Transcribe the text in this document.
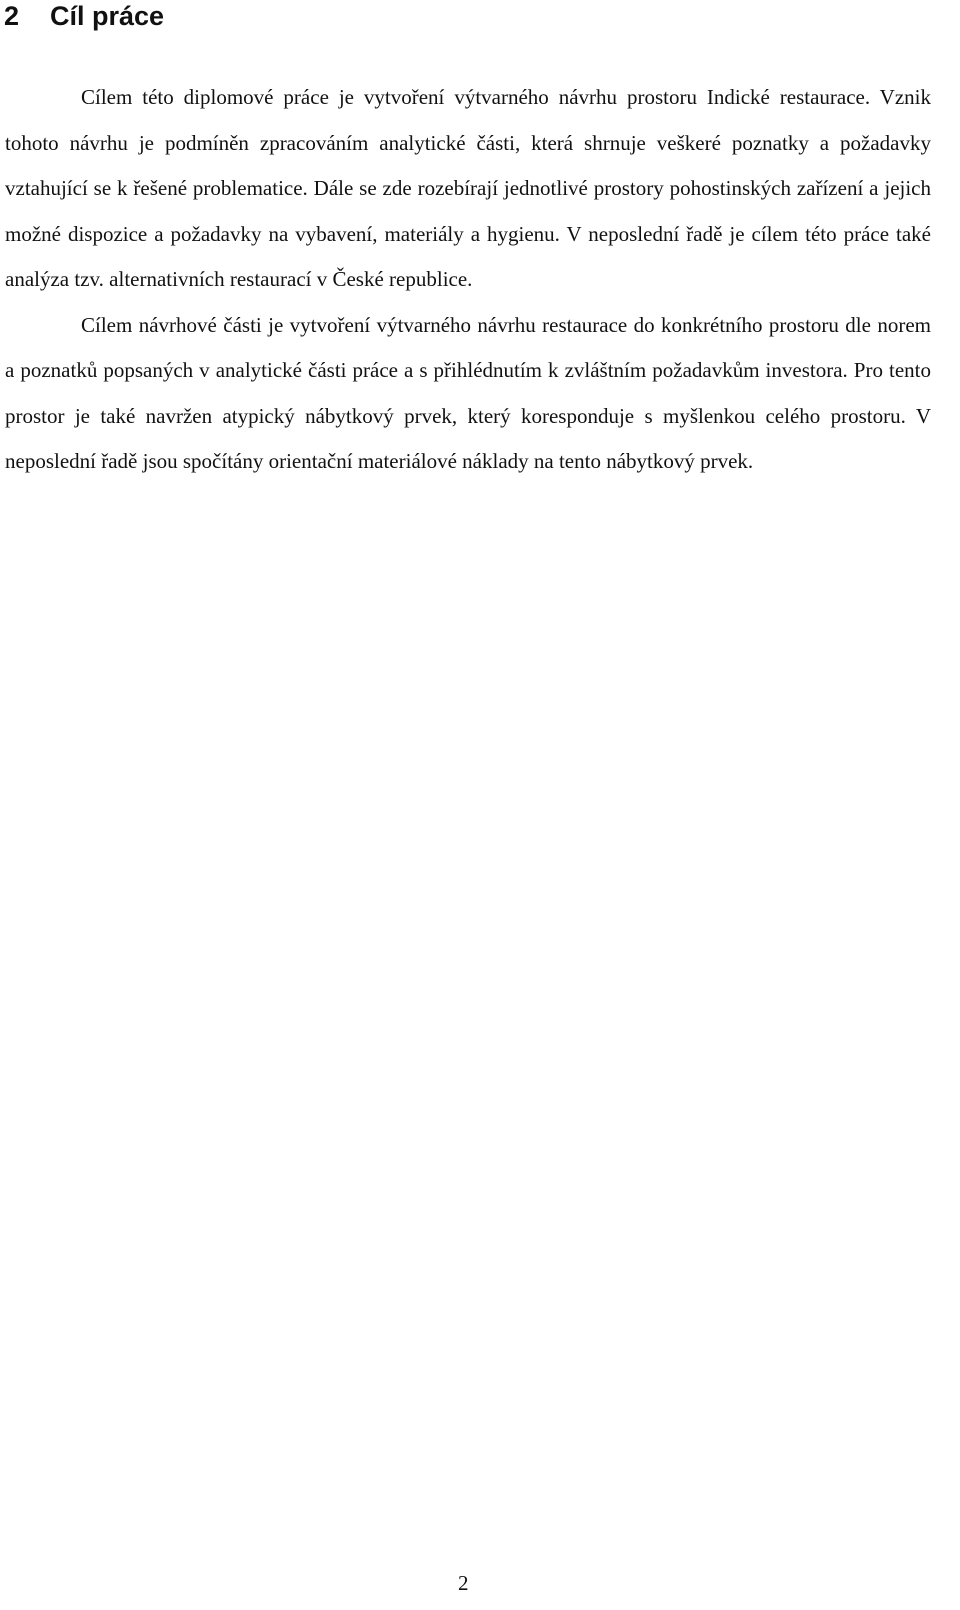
2 Cíl práce

Cílem této diplomové práce je vytvoření výtvarného návrhu prostoru Indické restaurace. Vznik tohoto návrhu je podmíněn zpracováním analytické části, která shrnuje veškeré poznatky a požadavky vztahující se k řešené problematice. Dále se zde rozebírají jednotlivé prostory pohostinských zařízení a jejich možné dispozice a požadavky na vybavení, materiály a hygienu. V neposlední řadě je cílem této práce také analýza tzv. alternativních restaurací v České republice.

Cílem návrhové části je vytvoření výtvarného návrhu restaurace do konkrétního prostoru dle norem a poznatků popsaných v analytické části práce a s přihlédnutím k zvláštním požadavkům investora. Pro tento prostor je také navržen atypický nábytkový prvek, který koresponduje s myšlenkou celého prostoru. V neposlední řadě jsou spočítány orientační materiálové náklady na tento nábytkový prvek.

2
